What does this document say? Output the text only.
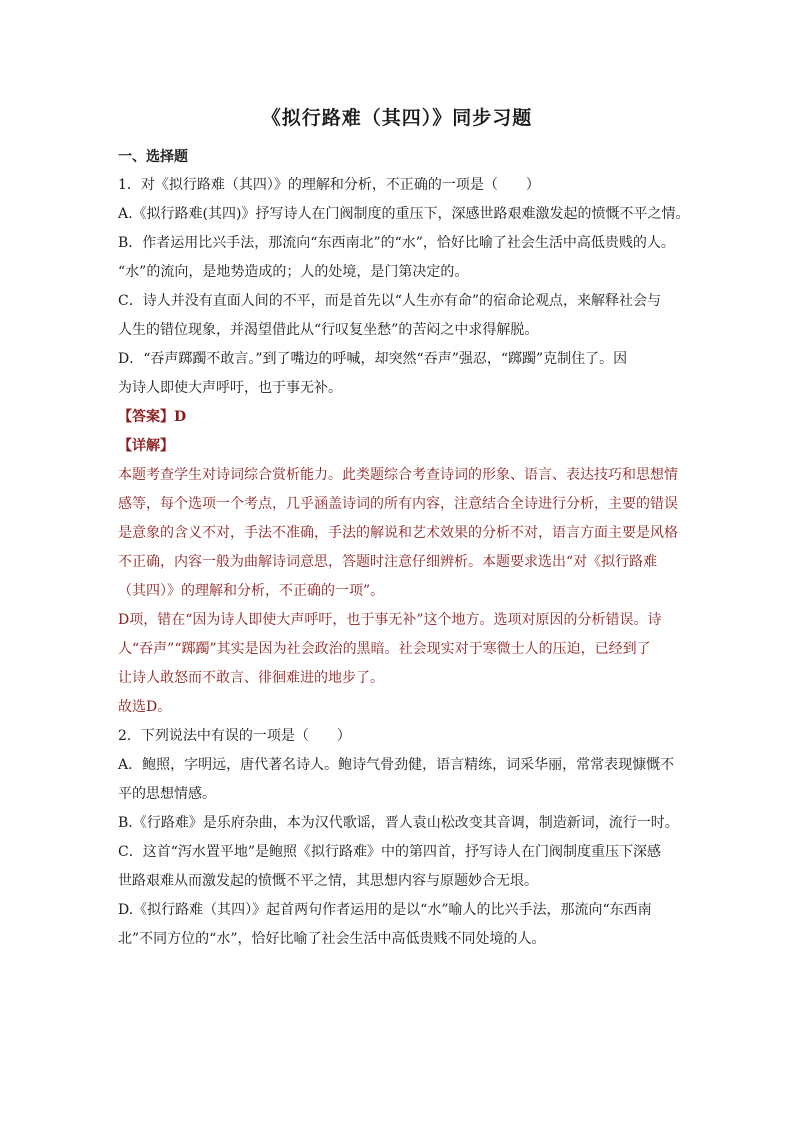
《拟行路难（其四）》同步习题
一、选择题
1．对《拟行路难（其四）》的理解和分析，不正确的一项是（　　）
A.《拟行路难(其四)》抒写诗人在门阀制度的重压下，深感世路艰难激发起的愤慨不平之情。
B．作者运用比兴手法，那流向“东西南北”的“水”，恰好比喻了社会生活中高低贵贱的人。
“水”的流向，是地势造成的；人的处境，是门第决定的。
C．诗人并没有直面人间的不平，而是首先以“人生亦有命”的宿命论观点，来解释社会与
人生的错位现象，并渴望借此从“行叹复坐愁”的苦闷之中求得解脱。
D．“吞声踯躅不敢言。”到了嘴边的呼喊，却突然“吞声”强忍，“踯躅”克制住了。因
为诗人即使大声呼吁，也于事无补。
【答案】D
【详解】
本题考查学生对诗词综合赏析能力。此类题综合考查诗词的形象、语言、表达技巧和思想情
感等，每个选项一个考点，几乎涵盖诗词的所有内容，注意结合全诗进行分析，主要的错误
是意象的含义不对，手法不准确，手法的解说和艺术效果的分析不对，语言方面主要是风格
不正确，内容一般为曲解诗词意思，答题时注意仔细辨析。本题要求选出“对《拟行路难
（其四）》的理解和分析，不正确的一项”。
D项，错在“因为诗人即使大声呼吁，也于事无补”这个地方。选项对原因的分析错误。诗
人“吞声”“踯躅”其实是因为社会政治的黑暗。社会现实对于寒微士人的压迫，已经到了
让诗人敢怒而不敢言、徘徊难进的地步了。
故选D。
2．下列说法中有误的一项是（　　）
A．鲍照，字明远，唐代著名诗人。鲍诗气骨劲健，语言精练，词采华丽，常常表现慷慨不
平的思想情感。
B.《行路难》是乐府杂曲，本为汉代歌谣，晋人袁山松改变其音调，制造新词，流行一时。
C．这首“泻水置平地”是鲍照《拟行路难》中的第四首，抒写诗人在门阀制度重压下深感
世路艰难从而激发起的愤慨不平之情，其思想内容与原题妙合无垠。
D.《拟行路难（其四）》起首两句作者运用的是以“水”喻人的比兴手法，那流向“东西南
北”不同方位的“水”，恰好比喻了社会生活中高低贵贱不同处境的人。
